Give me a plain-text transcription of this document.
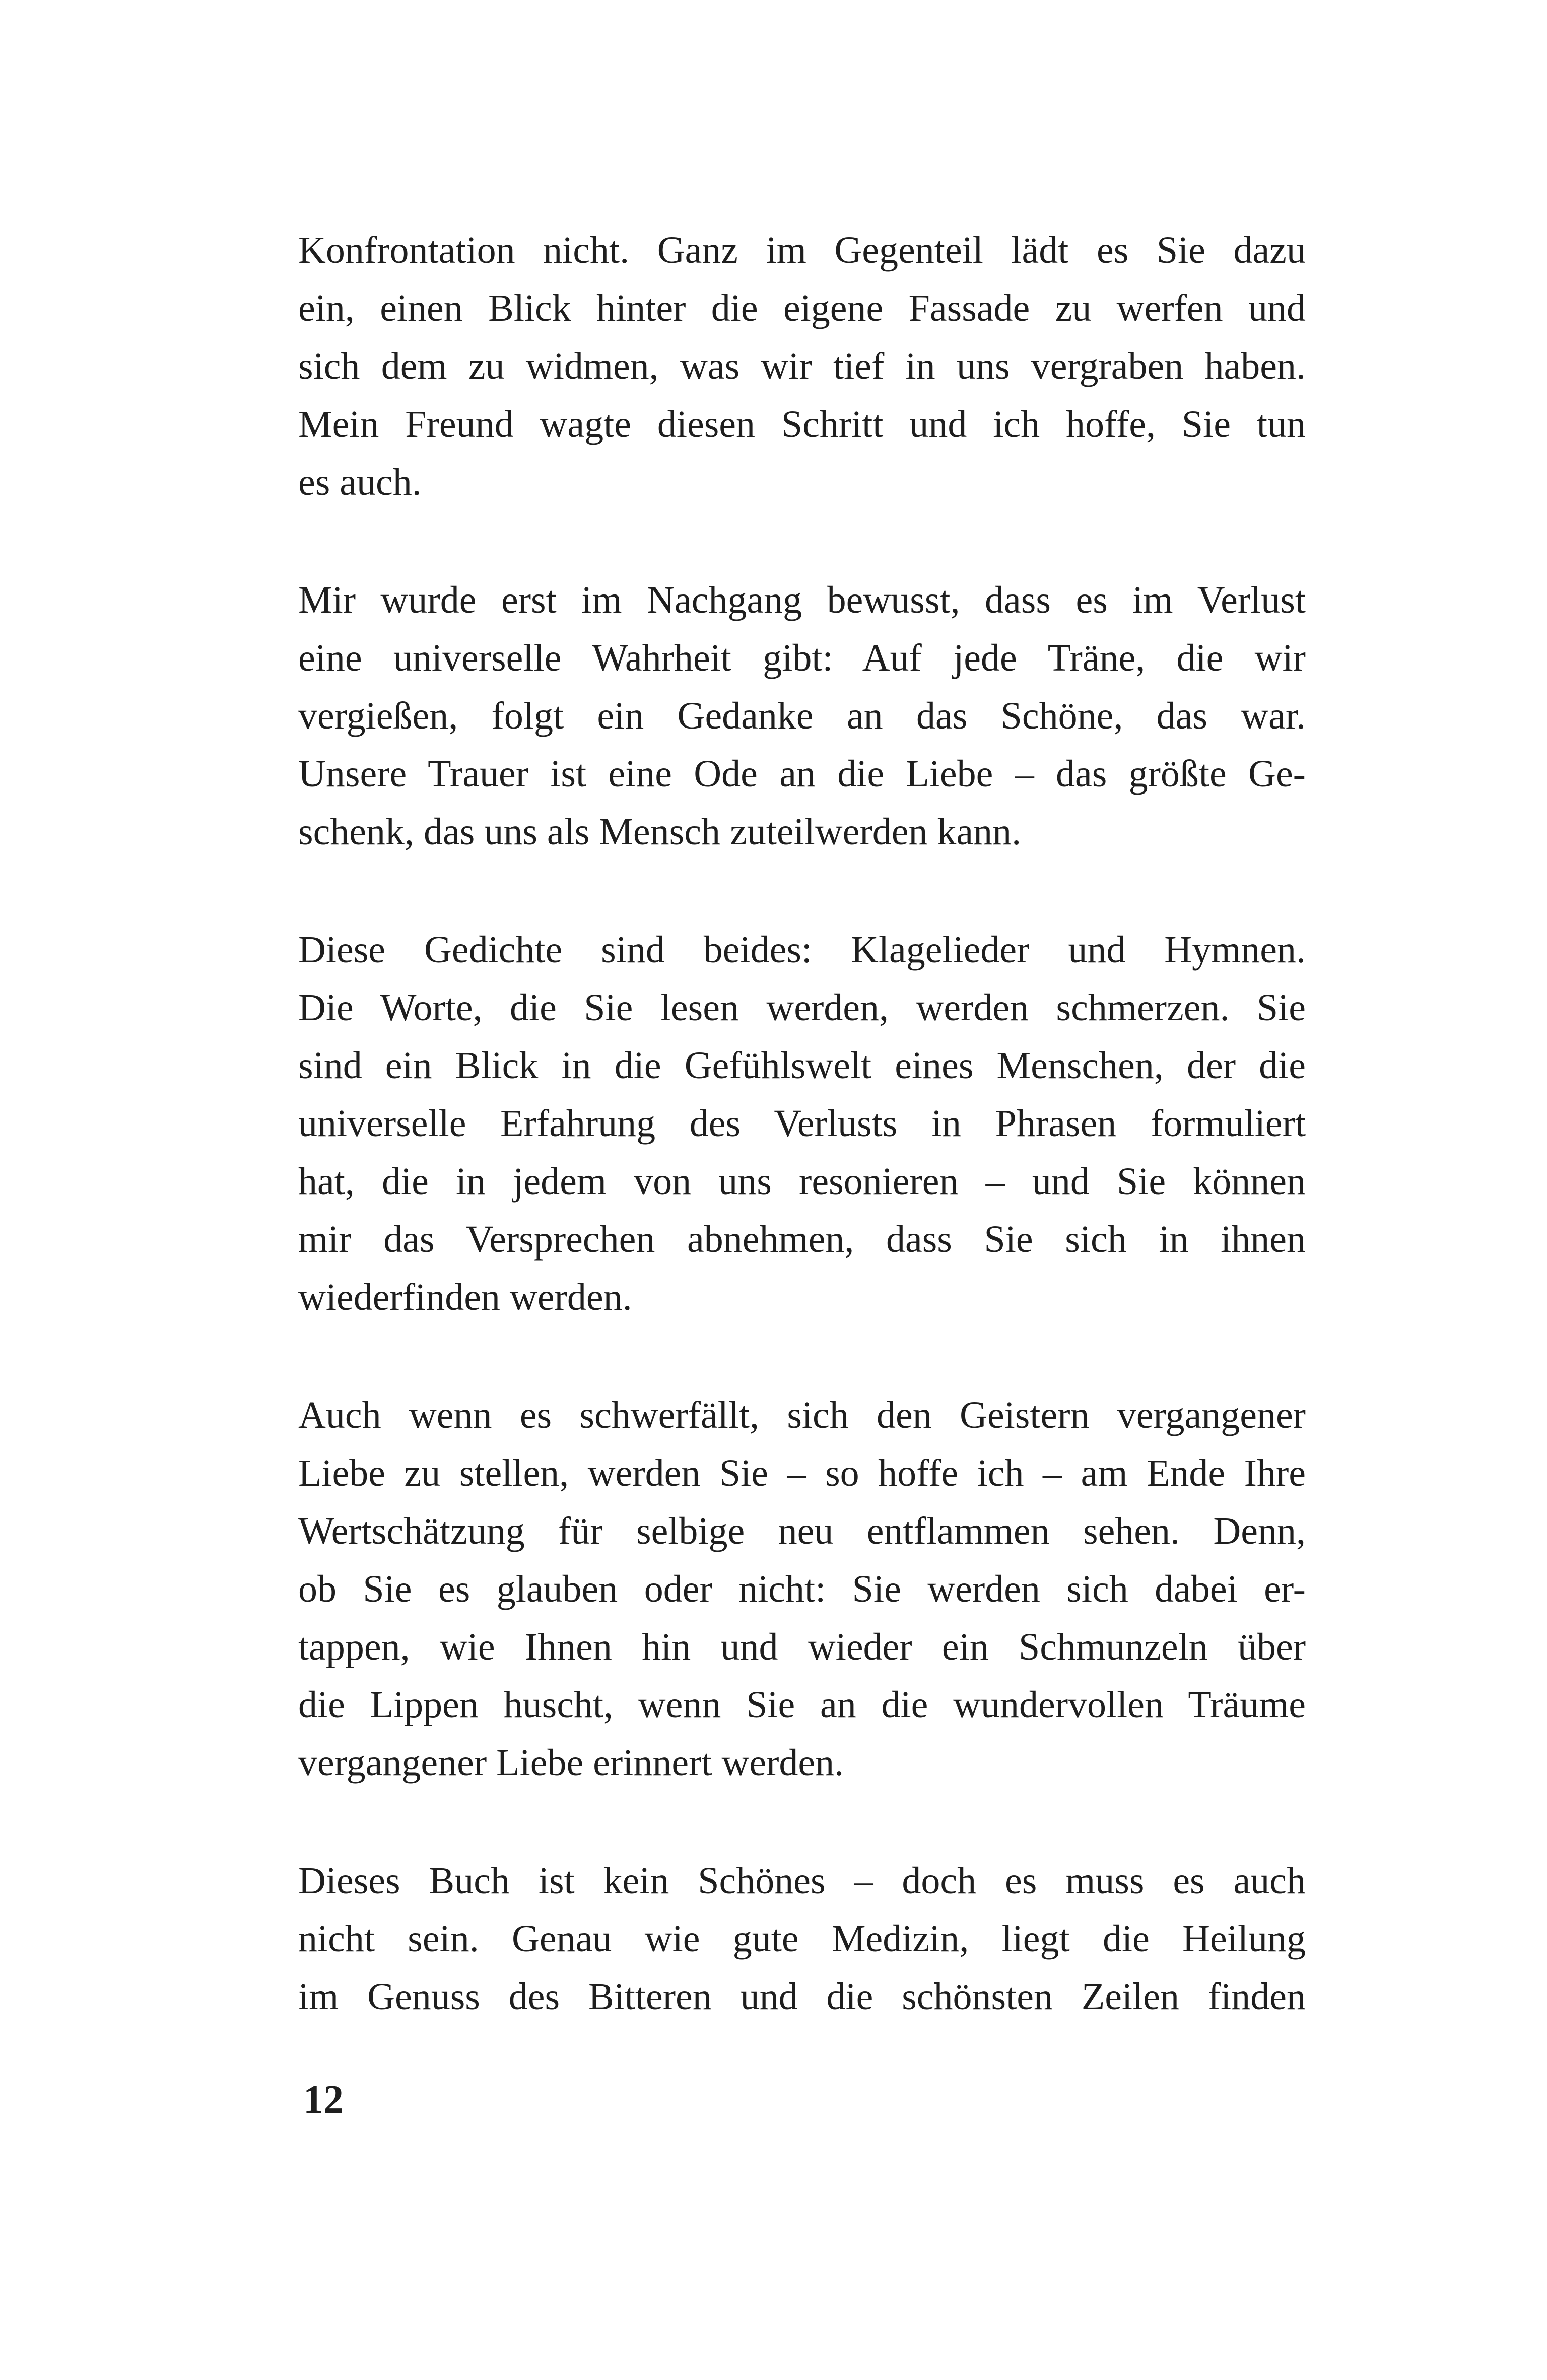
Konfrontation nicht. Ganz im Gegenteil lädt es Sie dazu
ein, einen Blick hinter die eigene Fassade zu werfen und
sich dem zu widmen, was wir tief in uns vergraben haben.
Mein Freund wagte diesen Schritt und ich hoffe, Sie tun
es auch.
Mir wurde erst im Nachgang bewusst, dass es im Verlust
eine universelle Wahrheit gibt: Auf jede Träne, die wir
vergießen, folgt ein Gedanke an das Schöne, das war.
Unsere Trauer ist eine Ode an die Liebe – das größte Ge-
schenk, das uns als Mensch zuteilwerden kann.
Diese Gedichte sind beides: Klagelieder und Hymnen.
Die Worte, die Sie lesen werden, werden schmerzen. Sie
sind ein Blick in die Gefühlswelt eines Menschen, der die
universelle Erfahrung des Verlusts in Phrasen formuliert
hat, die in jedem von uns resonieren – und Sie können
mir das Versprechen abnehmen, dass Sie sich in ihnen
wiederfinden werden.
Auch wenn es schwerfällt, sich den Geistern vergangener
Liebe zu stellen, werden Sie – so hoffe ich – am Ende Ihre
Wertschätzung für selbige neu entflammen sehen. Denn,
ob Sie es glauben oder nicht: Sie werden sich dabei er-
tappen, wie Ihnen hin und wieder ein Schmunzeln über
die Lippen huscht, wenn Sie an die wundervollen Träume
vergangener Liebe erinnert werden.
Dieses Buch ist kein Schönes – doch es muss es auch
nicht sein. Genau wie gute Medizin, liegt die Heilung
im Genuss des Bitteren und die schönsten Zeilen finden
12
